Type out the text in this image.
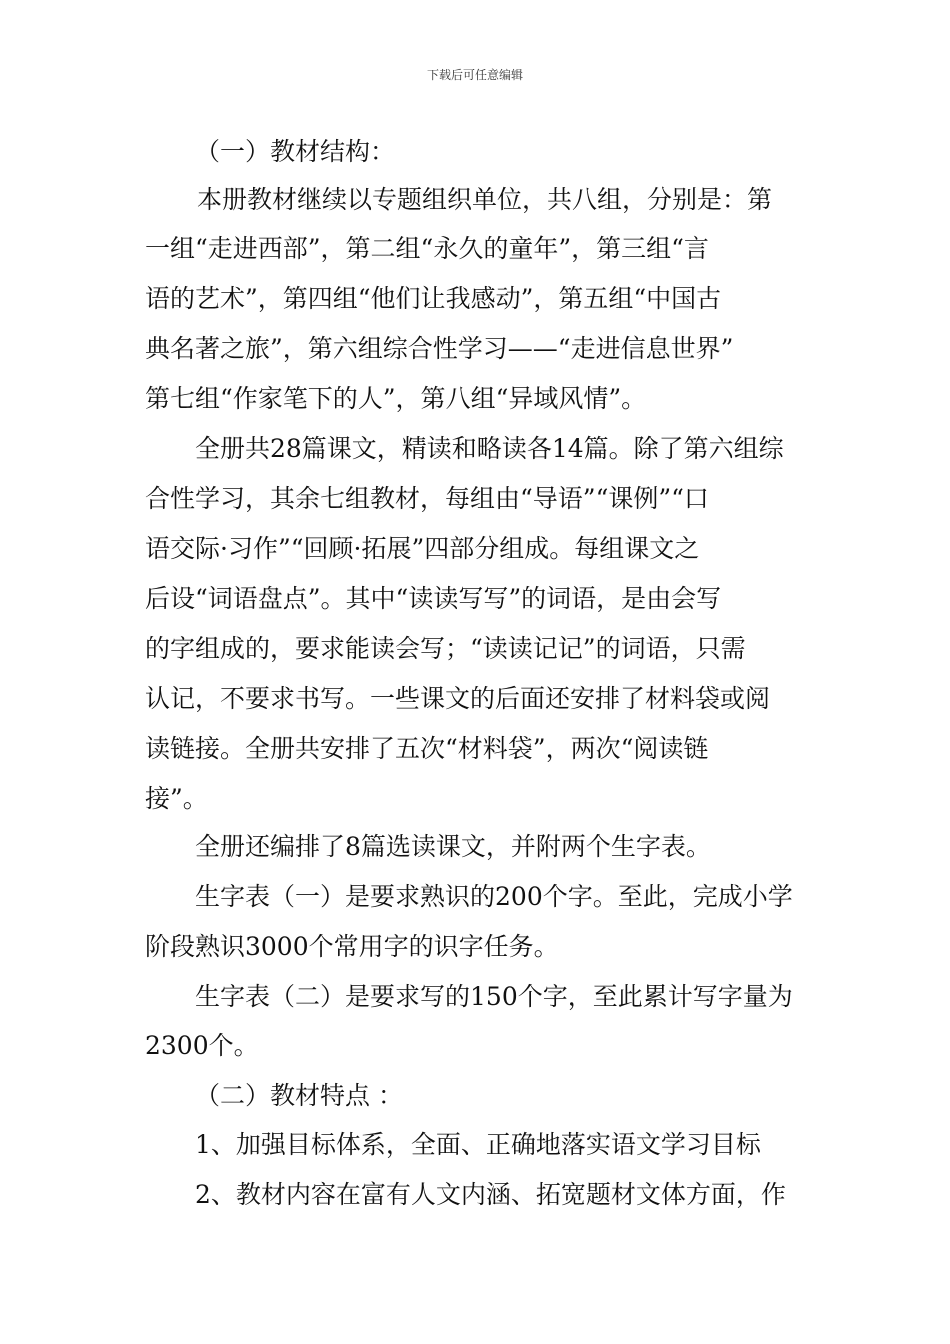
下载后可任意编辑
（一）教材结构：
本册教材继续以专题组织单位，共八组，分别是：第
一组“走进西部”，第二组“永久的童年”，第三组“言
语的艺术”，第四组“他们让我感动”，第五组“中国古
典名著之旅”，第六组综合性学习——“走进信息世界”
第七组“作家笔下的人”，第八组“异域风情”。
全册共28篇课文，精读和略读各14篇。除了第六组综
合性学习，其余七组教材，每组由“导语”“课例”“口
语交际·习作”“回顾·拓展”四部分组成。每组课文之
后设“词语盘点”。其中“读读写写”的词语，是由会写
的字组成的，要求能读会写；“读读记记”的词语，只需
认记，不要求书写。一些课文的后面还安排了材料袋或阅
读链接。全册共安排了五次“材料袋”，两次“阅读链
接”。
全册还编排了8篇选读课文，并附两个生字表。
生字表（一）是要求熟识的200个字。至此，完成小学
阶段熟识3000个常用字的识字任务。
生字表（二）是要求写的150个字，至此累计写字量为
2300个。
（二）教材特点 ：
1、加强目标体系，全面、正确地落实语文学习目标
2、教材内容在富有人文内涵、拓宽题材文体方面，作
